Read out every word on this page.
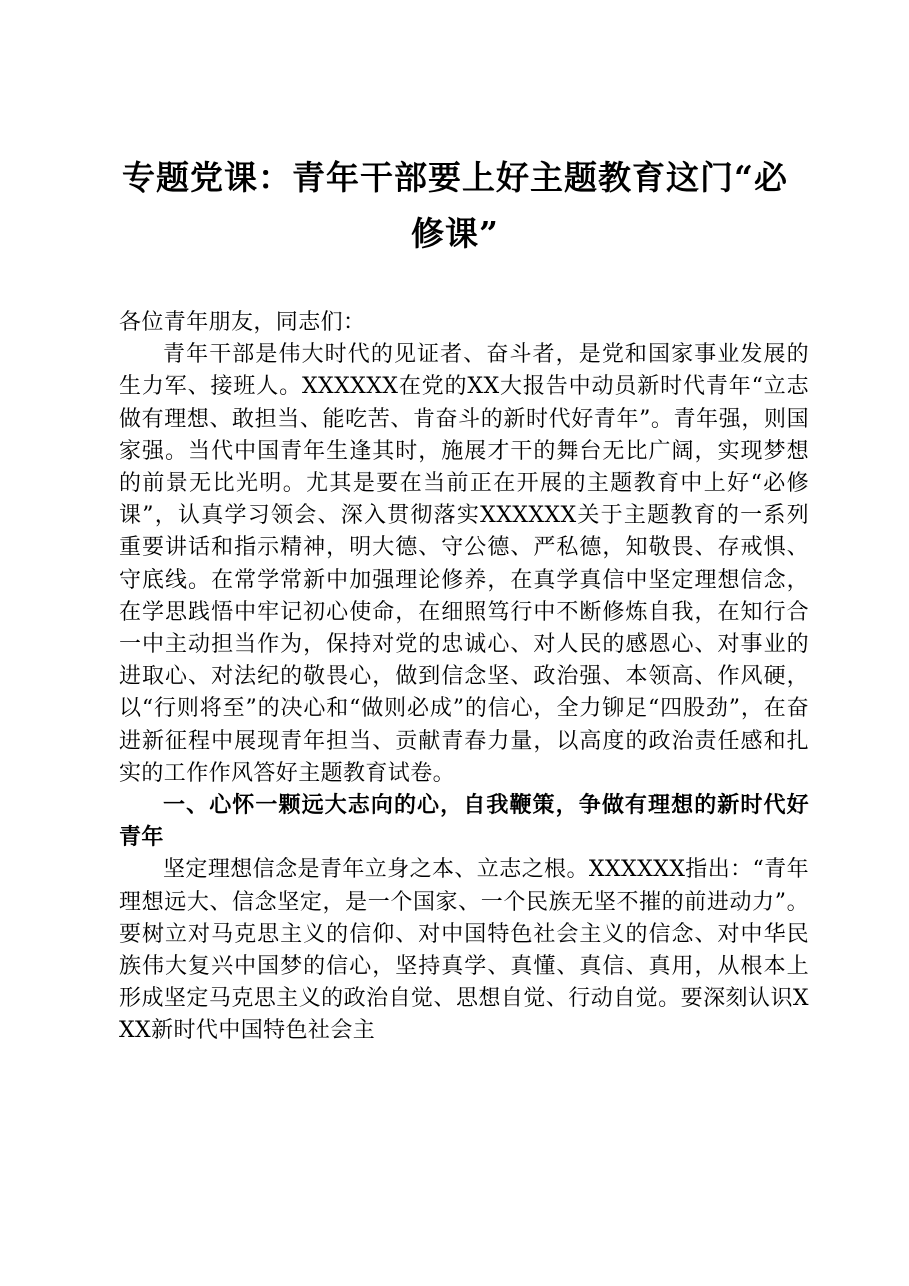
专题党课：青年干部要上好主题教育这门“必
修课”

各位青年朋友，同志们：

青年干部是伟大时代的见证者、奋斗者，是党和国家事业发展的生力军、接班人。XXXXXX在党的XX大报告中动员新时代青年“立志做有理想、敢担当、能吃苦、肯奋斗的新时代好青年”。青年强，则国家强。当代中国青年生逢其时，施展才干的舞台无比广阔，实现梦想的前景无比光明。尤其是要在当前正在开展的主题教育中上好“必修课”，认真学习领会、深入贯彻落实XXXXXX关于主题教育的一系列重要讲话和指示精神，明大德、守公德、严私德，知敬畏、存戒惧、守底线。在常学常新中加强理论修养，在真学真信中坚定理想信念，在学思践悟中牢记初心使命，在细照笃行中不断修炼自我，在知行合一中主动担当作为，保持对党的忠诚心、对人民的感恩心、对事业的进取心、对法纪的敬畏心，做到信念坚、政治强、本领高、作风硬，以“行则将至”的决心和“做则必成”的信心，全力铆足“四股劲”，在奋进新征程中展现青年担当、贡献青春力量，以高度的政治责任感和扎实的工作作风答好主题教育试卷。

一、心怀一颗远大志向的心，自我鞭策，争做有理想的新时代好青年

坚定理想信念是青年立身之本、立志之根。XXXXXX指出：“青年理想远大、信念坚定，是一个国家、一个民族无坚不摧的前进动力”。要树立对马克思主义的信仰、对中国特色社会主义的信念、对中华民族伟大复兴中国梦的信心，坚持真学、真懂、真信、真用，从根本上形成坚定马克思主义的政治自觉、思想自觉、行动自觉。要深刻认识XXX新时代中国特色社会主
